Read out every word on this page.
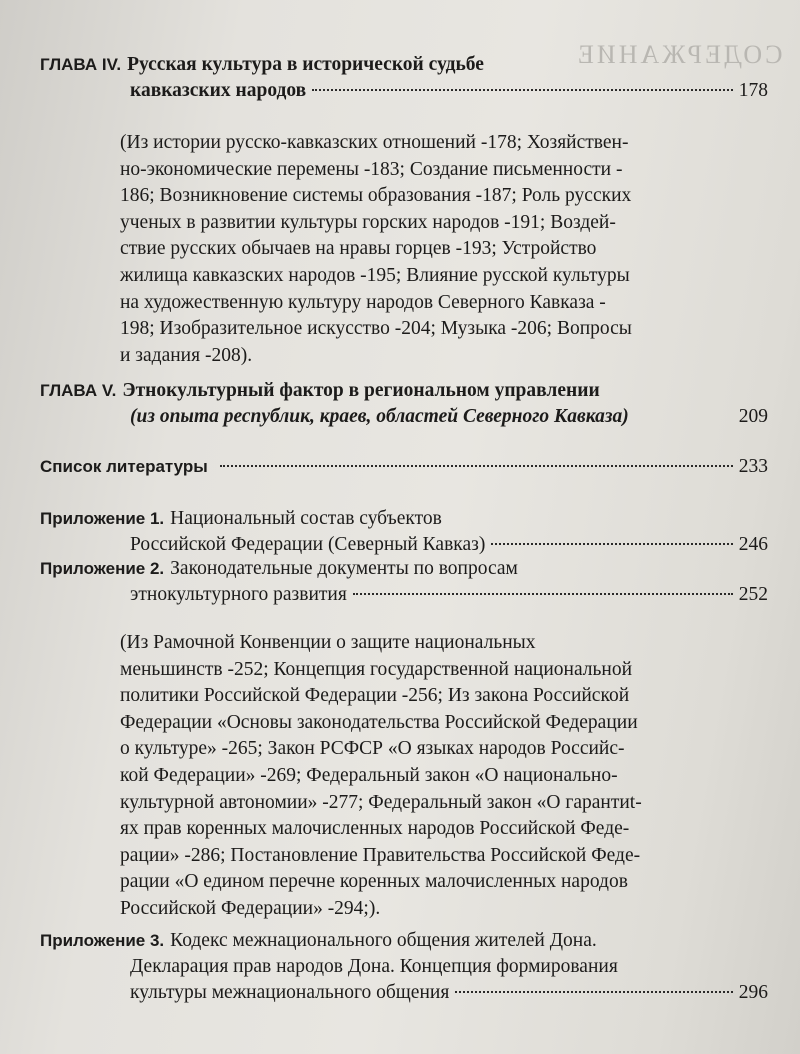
СОДЕРЖАНИЕ
ГЛАВА IV. Русская культура в исторической судьбе
кавказских народов	178
(Из истории русско-кавказских отношений -178; Хозяйствен-
но-экономические перемены -183; Создание письменности -
186; Возникновение системы образования -187; Роль русских
ученых в развитии культуры горских народов -191; Воздей-
ствие русских обычаев на нравы горцев -193; Устройство
жилища кавказских народов -195; Влияние русской культуры
на художественную культуру народов Северного Кавказа -
198; Изобразительное искусство -204; Музыка -206; Вопросы
и задания -208).
ГЛАВА V. Этнокультурный фактор в региональном управлении
(из опыта республик, краев, областей Северного Кавказа)	209
Список литературы	233
Приложение 1. Национальный состав субъектов
Российской Федерации (Северный Кавказ)	246
Приложение 2. Законодательные документы по вопросам
этнокультурного развития	252
(Из Рамочной Конвенции о защите национальных
меньшинств -252; Концепция государственной национальной
политики Российской Федерации -256; Из закона Российской
Федерации «Основы законодательства Российской Федерации
о культуре» -265; Закон РСФСР «О языках народов Российс-
кой Федерации» -269; Федеральный закон «О национально-
культурной автономии» -277; Федеральный закон «О гарантиt-
ях прав коренных малочисленных народов Российской Феде-
рации» -286; Постановление Правительства Российской Феде-
рации «О едином перечне коренных малочисленных народов
Российской Федерации» -294;).
Приложение 3. Кодекс межнационального общения жителей Дона.
Декларация прав народов Дона. Концепция формирования
культуры межнационального общения	296
